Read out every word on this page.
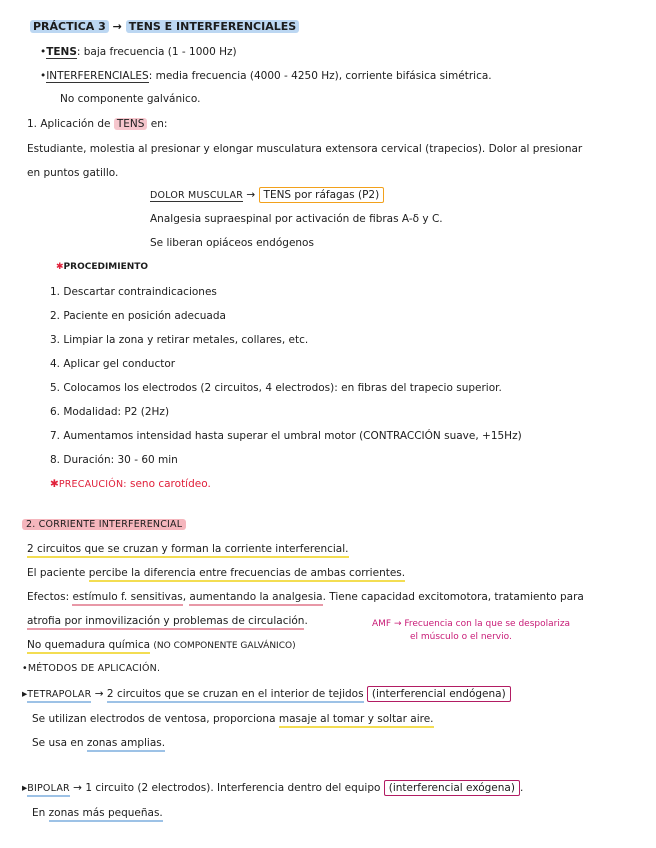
PRÁCTICA 3 → TENS E INTERFERENCIALES
•TENS: baja frecuencia (1 - 1000 Hz)
•INTERFERENCIALES: media frecuencia (4000 - 4250 Hz), corriente bifásica simétrica.
No componente galvánico.
1. Aplicación de TENS en:
Estudiante, molestia al presionar y elongar musculatura extensora cervical (trapecios). Dolor al presionar
en puntos gatillo.
DOLOR MUSCULAR → TENS por ráfagas (P2)
Analgesia supraespinal por activación de fibras A-δ y C.
Se liberan opiáceos endógenos
✱PROCEDIMIENTO
1. Descartar contraindicaciones
2. Paciente en posición adecuada
3. Limpiar la zona y retirar metales, collares, etc.
4. Aplicar gel conductor
5. Colocamos los electrodos (2 circuitos, 4 electrodos): en fibras del trapecio superior.
6. Modalidad: P2 (2Hz)
7. Aumentamos intensidad hasta superar el umbral motor (CONTRACCIÓN suave, +15Hz)
8. Duración: 30 - 60 min
✱PRECAUCIÓN: seno carotídeo.
2. CORRIENTE INTERFERENCIAL
2 circuitos que se cruzan y forman la corriente interferencial.
El paciente percibe la diferencia entre frecuencias de ambas corrientes.
Efectos: estímulo f. sensitivas, aumentando la analgesia. Tiene capacidad excitomotora, tratamiento para
atrofia por inmovilización y problemas de circulación.
No quemadura química (NO COMPONENTE GALVÁNICO)
AMF → Frecuencia con la que se despolariza
el músculo o el nervio.
•MÉTODOS DE APLICACIÓN.
▸TETRAPOLAR → 2 circuitos que se cruzan en el interior de tejidos (interferencial endógena)
Se utilizan electrodos de ventosa, proporciona masaje al tomar y soltar aire.
Se usa en zonas amplias.
▸BIPOLAR → 1 circuito (2 electrodos). Interferencia dentro del equipo (interferencial exógena) .
En zonas más pequeñas.
